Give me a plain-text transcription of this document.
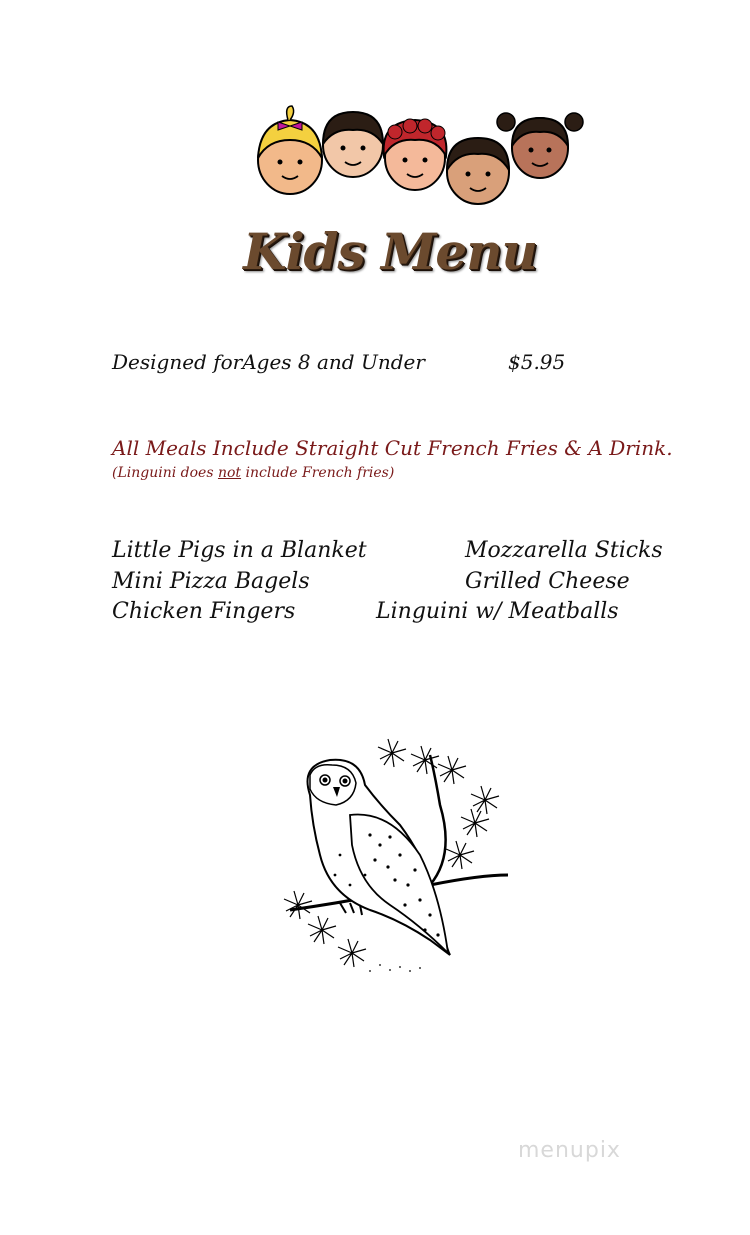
Kids Menu
Designed forAges 8 and Under	$5.95
All Meals Include Straight Cut French Fries & A Drink.
(Linguini does not include French fries)
Little Pigs in a Blanket	Mozzarella Sticks
Mini Pizza Bagels	Grilled Cheese
Chicken Fingers	Linguini w/ Meatballs
menupix
